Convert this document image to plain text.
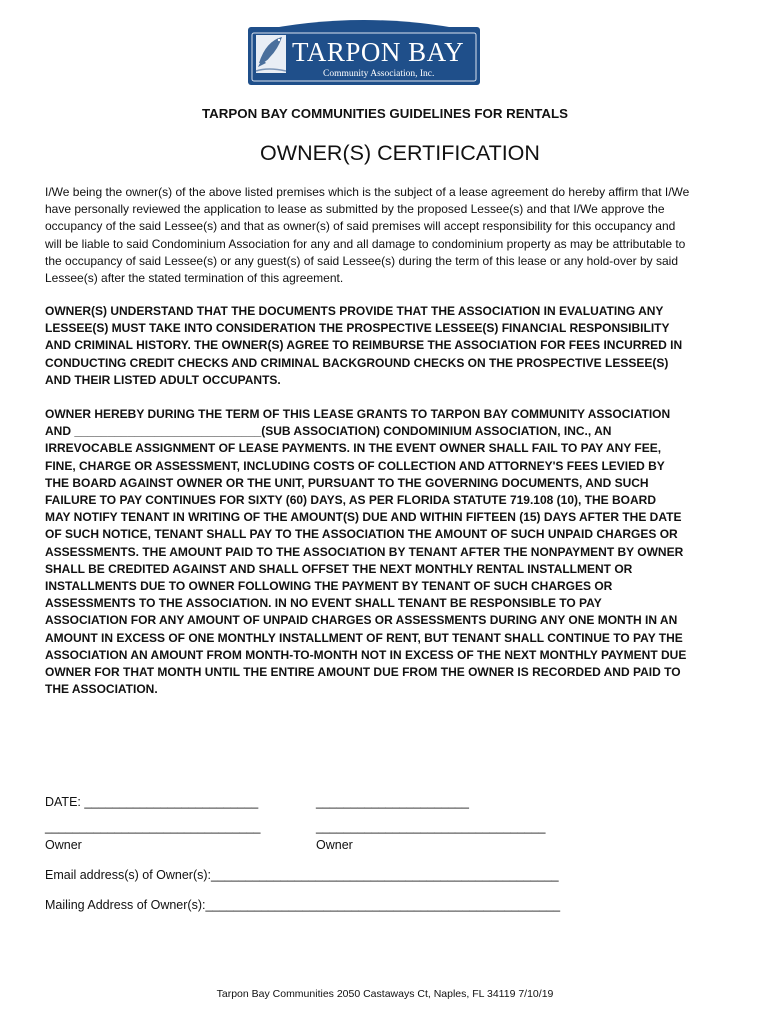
TARPON BAY
Community Association, Inc.
TARPON BAY COMMUNITIES GUIDELINES FOR RENTALS
OWNER(S) CERTIFICATION
I/We being the owner(s) of the above listed premises which is the subject of a lease agreement do hereby affirm that I/We
have personally reviewed the application to lease as submitted by the proposed Lessee(s) and that I/We approve the
occupancy of the said Lessee(s) and that as owner(s) of said premises will accept responsibility for this occupancy and
will be liable to said Condominium Association for any and all damage to condominium property as may be attributable to
the occupancy of said Lessee(s) or any guest(s) of said Lessee(s) during the term of this lease or any hold-over by said
Lessee(s) after the stated termination of this agreement.
OWNER(S) UNDERSTAND THAT THE DOCUMENTS PROVIDE THAT THE ASSOCIATION IN EVALUATING ANY
LESSEE(S) MUST TAKE INTO CONSIDERATION THE PROSPECTIVE LESSEE(S) FINANCIAL RESPONSIBILITY
AND CRIMINAL HISTORY. THE OWNER(S) AGREE TO REIMBURSE THE ASSOCIATION FOR FEES INCURRED IN
CONDUCTING CREDIT CHECKS AND CRIMINAL BACKGROUND CHECKS ON THE PROSPECTIVE LESSEE(S)
AND THEIR LISTED ADULT OCCUPANTS.
OWNER HEREBY DURING THE TERM OF THIS LEASE GRANTS TO TARPON BAY COMMUNITY ASSOCIATION
AND ____________________________(SUB ASSOCIATION) CONDOMINIUM ASSOCIATION, INC., AN
IRREVOCABLE ASSIGNMENT OF LEASE PAYMENTS. IN THE EVENT OWNER SHALL FAIL TO PAY ANY FEE,
FINE, CHARGE OR ASSESSMENT, INCLUDING COSTS OF COLLECTION AND ATTORNEY'S FEES LEVIED BY
THE BOARD AGAINST OWNER OR THE UNIT, PURSUANT TO THE GOVERNING DOCUMENTS, AND SUCH
FAILURE TO PAY CONTINUES FOR SIXTY (60) DAYS, AS PER FLORIDA STATUTE 719.108 (10), THE BOARD
MAY NOTIFY TENANT IN WRITING OF THE AMOUNT(S) DUE AND WITHIN FIFTEEN (15) DAYS AFTER THE DATE
OF SUCH NOTICE, TENANT SHALL PAY TO THE ASSOCIATION THE AMOUNT OF SUCH UNPAID CHARGES OR
ASSESSMENTS. THE AMOUNT PAID TO THE ASSOCIATION BY TENANT AFTER THE NONPAYMENT BY OWNER
SHALL BE CREDITED AGAINST AND SHALL OFFSET THE NEXT MONTHLY RENTAL INSTALLMENT OR
INSTALLMENTS DUE TO OWNER FOLLOWING THE PAYMENT BY TENANT OF SUCH CHARGES OR
ASSESSMENTS TO THE ASSOCIATION. IN NO EVENT SHALL TENANT BE RESPONSIBLE TO PAY
ASSOCIATION FOR ANY AMOUNT OF UNPAID CHARGES OR ASSESSMENTS DURING ANY ONE MONTH IN AN
AMOUNT IN EXCESS OF ONE MONTHLY INSTALLMENT OF RENT, BUT TENANT SHALL CONTINUE TO PAY THE
ASSOCIATION AN AMOUNT FROM MONTH-TO-MONTH NOT IN EXCESS OF THE NEXT MONTHLY PAYMENT DUE
OWNER FOR THAT MONTH UNTIL THE ENTIRE AMOUNT DUE FROM THE OWNER IS RECORDED AND PAID TO
THE ASSOCIATION.
DATE: _________________________	______________________
_______________________________	_________________________________
Owner	Owner
Email address(s) of Owner(s):__________________________________________________
Mailing Address of Owner(s):___________________________________________________
Tarpon Bay Communities 2050 Castaways Ct, Naples, FL 34119 7/10/19
